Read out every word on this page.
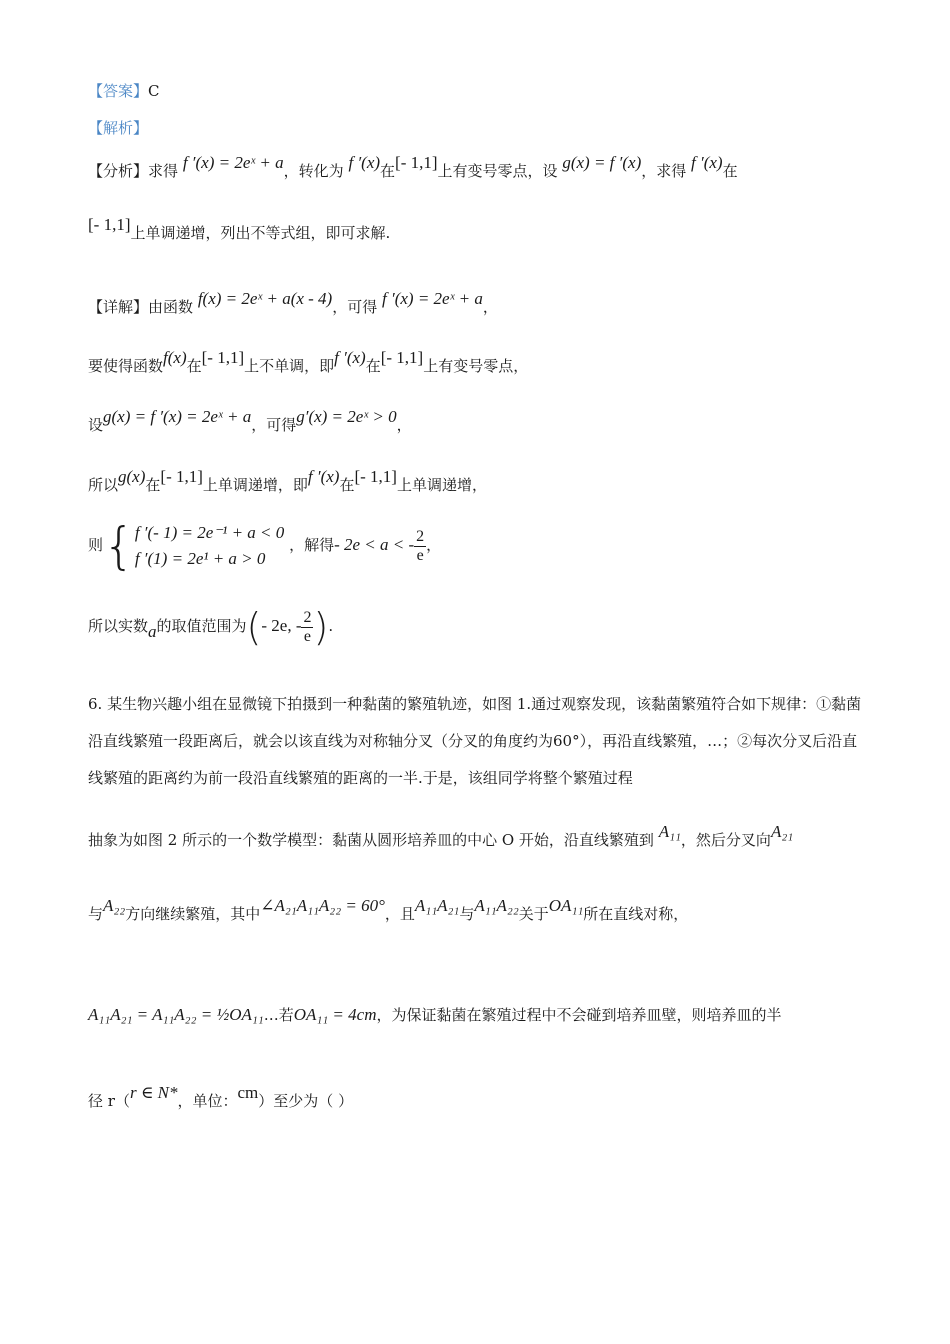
【答案】C
【解析】
【分析】求得 f ′(x) = 2eˣ + a，转化为 f ′(x)在[- 1,1]上有变号零点，设 g(x) = f ′(x)，求得 f ′(x)在
[- 1,1]上单调递增，列出不等式组，即可求解.
【详解】由函数 f(x) = 2eˣ + a(x - 4)，可得 f ′(x) = 2eˣ + a，
要使得函数f(x)在[- 1,1]上不单调，即f ′(x)在[- 1,1]上有变号零点，
设g(x) = f ′(x) = 2eˣ + a，可得g′(x) = 2eˣ > 0，
所以g(x)在[- 1,1]上单调递增，即f ′(x)在[- 1,1]上单调递增，
则{ f ′(- 1) = 2e⁻¹ + a < 0
f ′(1) = 2e¹ + a > 0
，解得- 2e < a < - $\frac{2}{e}$ ，
所以实数a的取值范围为(- 2e, - $\frac{2}{e}$ ).
6. 某生物兴趣小组在显微镜下拍摄到一种黏菌的繁殖轨迹，如图 1.通过观察发现，该黏菌繁殖符合如下规律：①黏菌沿直线繁殖一段距离后，就会以该直线为对称轴分叉（分叉的角度约为60°），再沿直线繁殖，…；②每次分叉后沿直线繁殖的距离约为前一段沿直线繁殖的距离的一半.于是，该组同学将整个繁殖过程
抽象为如图 2 所示的一个数学模型：黏菌从圆形培养皿的中心 O 开始，沿直线繁殖到 A₁₁，然后分叉向A₂₁
与A₂₂方向继续繁殖，其中∠A₂₁A₁₁A₂₂ = 60°，且A₁₁A₂₁与A₁₁A₂₂关于OA₁₁所在直线对称，
A₁₁A₂₁ = A₁₁A₂₂ = ½OA₁₁…若OA₁₁ = 4cm，为保证黏菌在繁殖过程中不会碰到培养皿壁，则培养皿的半
径 r（r ∈ N*，单位：cm）至少为（ ）
